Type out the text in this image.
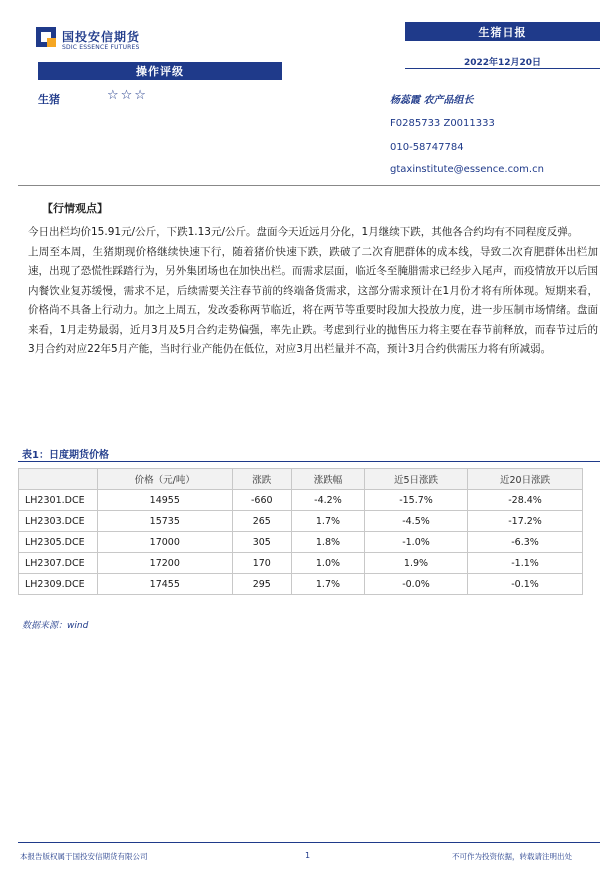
国投安信期货
SDIC ESSENCE FUTURES
生猪日报
2022年12月20日
操作评级
生猪	☆☆☆	杨蕊霞 农产品组长
F0285733 Z0011333
010-58747784
gtaxinstitute@essence.com.cn
【行情观点】

今日出栏均价15.91元/公斤，下跌1.13元/公斤。盘面今天近远月分化，1月继续下跌，其他各合约均有不同程度反弹。

上周至本周，生猪期现价格继续快速下行，随着猪价快速下跌，跌破了二次育肥群体的成本线，导致二次育肥群体出栏加速，出现了恐慌性踩踏行为，另外集团场也在加快出栏。而需求层面，临近冬至腌腊需求已经步入尾声，而疫情放开以后国内餐饮业复苏缓慢，需求不足，后续需要关注春节前的终端备货需求，这部分需求预计在1月份才将有所体现。短期来看，价格尚不具备上行动力。加之上周五，发改委称两节临近，将在两节等重要时段加大投放力度，进一步压制市场情绪。盘面来看，1月走势最弱，近月3月及5月合约走势偏强，率先止跌。考虑到行业的抛售压力将主要在春节前释放，而春节过后的3月合约对应22年5月产能，当时行业产能仍在低位，对应3月出栏量并不高，预计3月合约供需压力将有所减弱。

表1：日度期货价格
	价格（元/吨）	涨跌	涨跌幅	近5日涨跌	近20日涨跌
LH2301.DCE	14955	-660	-4.2%	-15.7%	-28.4%
LH2303.DCE	15735	265	1.7%	-4.5%	-17.2%
LH2305.DCE	17000	305	1.8%	-1.0%	-6.3%
LH2307.DCE	17200	170	1.0%	1.9%	-1.1%
LH2309.DCE	17455	295	1.7%	-0.0%	-0.1%
数据来源：wind
本报告版权属于国投安信期货有限公司	1	不可作为投资依据，转载请注明出处
